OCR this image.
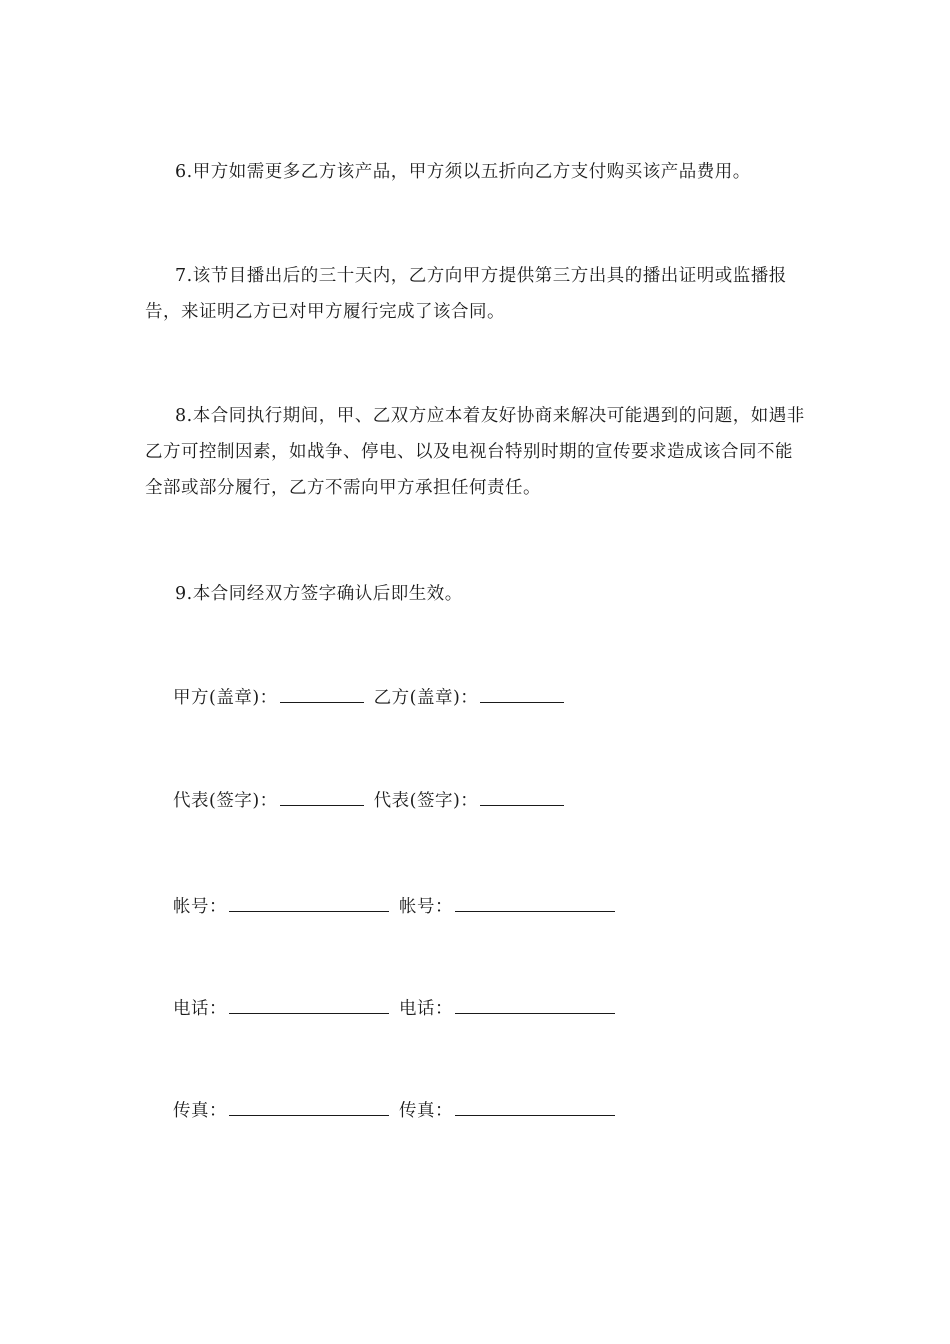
6.甲方如需更多乙方该产品，甲方须以五折向乙方支付购买该产品费用。

7.该节目播出后的三十天内，乙方向甲方提供第三方出具的播出证明或监播报告，来证明乙方已对甲方履行完成了该合同。

8.本合同执行期间，甲、乙双方应本着友好协商来解决可能遇到的问题，如遇非乙方可控制因素，如战争、停电、以及电视台特别时期的宣传要求造成该合同不能全部或部分履行，乙方不需向甲方承担任何责任。

9.本合同经双方签字确认后即生效。

甲方(盖章)：	乙方(盖章)：
代表(签字)：	代表(签字)：
帐号：	帐号：
电话：	电话：
传真：	传真：
